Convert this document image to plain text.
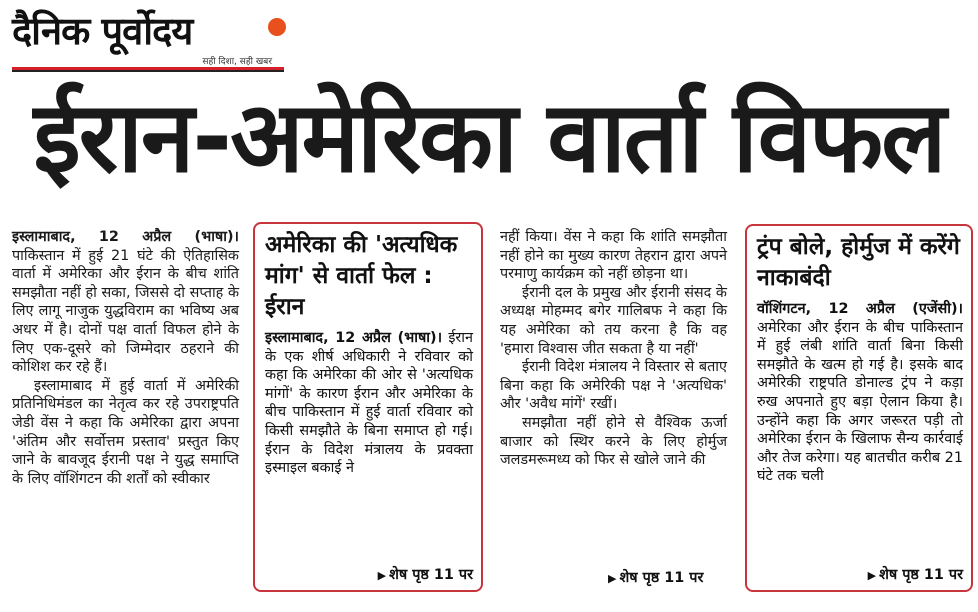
दैनिक पूर्वोदय
सही दिशा, सही खबर
ईरान-अमेरिका वार्ता विफल

इस्लामाबाद, 12 अप्रैल (भाषा)। पाकिस्तान में हुई 21 घंटे की ऐतिहासिक वार्ता में अमेरिका और ईरान के बीच शांति समझौता नहीं हो सका, जिससे दो सप्ताह के लिए लागू नाजुक युद्धविराम का भविष्य अब अधर में है। दोनों पक्ष वार्ता विफल होने के लिए एक-दूसरे को जिम्मेदार ठहराने की कोशिश कर रहे हैं।

इस्लामाबाद में हुई वार्ता में अमेरिकी प्रतिनिधिमंडल का नेतृत्व कर रहे उपराष्ट्रपति जेडी वेंस ने कहा कि अमेरिका द्वारा अपना 'अंतिम और सर्वोत्तम प्रस्ताव' प्रस्तुत किए जाने के बावजूद ईरानी पक्ष ने युद्ध समाप्ति के लिए वॉशिंगटन की शर्तों को स्वीकार

अमेरिका की 'अत्यधिक मांग' से वार्ता फेल : ईरान

इस्लामाबाद, 12 अप्रैल (भाषा)। ईरान के एक शीर्ष अधिकारी ने रविवार को कहा कि अमेरिका की ओर से 'अत्यधिक मांगों' के कारण ईरान और अमेरिका के बीच पाकिस्तान में हुई वार्ता रविवार को किसी समझौते के बिना समाप्त हो गई। ईरान के विदेश मंत्रालय के प्रवक्ता इस्माइल बकाई ने

▶ शेष पृष्ठ 11 पर

नहीं किया। वेंस ने कहा कि शांति समझौता नहीं होने का मुख्य कारण तेहरान द्वारा अपने परमाणु कार्यक्रम को नहीं छोड़ना था।

ईरानी दल के प्रमुख और ईरानी संसद के अध्यक्ष मोहम्मद बगेर गालिबफ ने कहा कि यह अमेरिका को तय करना है कि वह 'हमारा विश्वास जीत सकता है या नहीं'

ईरानी विदेश मंत्रालय ने विस्तार से बताए बिना कहा कि अमेरिकी पक्ष ने 'अत्यधिक' और 'अवैध मांगें' रखीं।

समझौता नहीं होने से वैश्विक ऊर्जा बाजार को स्थिर करने के लिए होर्मुज जलडमरूमध्य को फिर से खोले जाने की

▶ शेष पृष्ठ 11 पर
ट्रंप बोले, होर्मुज में करेंगे नाकाबंदी

वॉशिंगटन, 12 अप्रैल (एजेंसी)। अमेरिका और ईरान के बीच पाकिस्तान में हुई लंबी शांति वार्ता बिना किसी समझौते के खत्म हो गई है। इसके बाद अमेरिकी राष्ट्रपति डोनाल्ड ट्रंप ने कड़ा रुख अपनाते हुए बड़ा ऐलान किया है। उन्होंने कहा कि अगर जरूरत पड़ी तो अमेरिका ईरान के खिलाफ सैन्य कार्रवाई और तेज करेगा। यह बातचीत करीब 21 घंटे तक चली

▶ शेष पृष्ठ 11 पर
